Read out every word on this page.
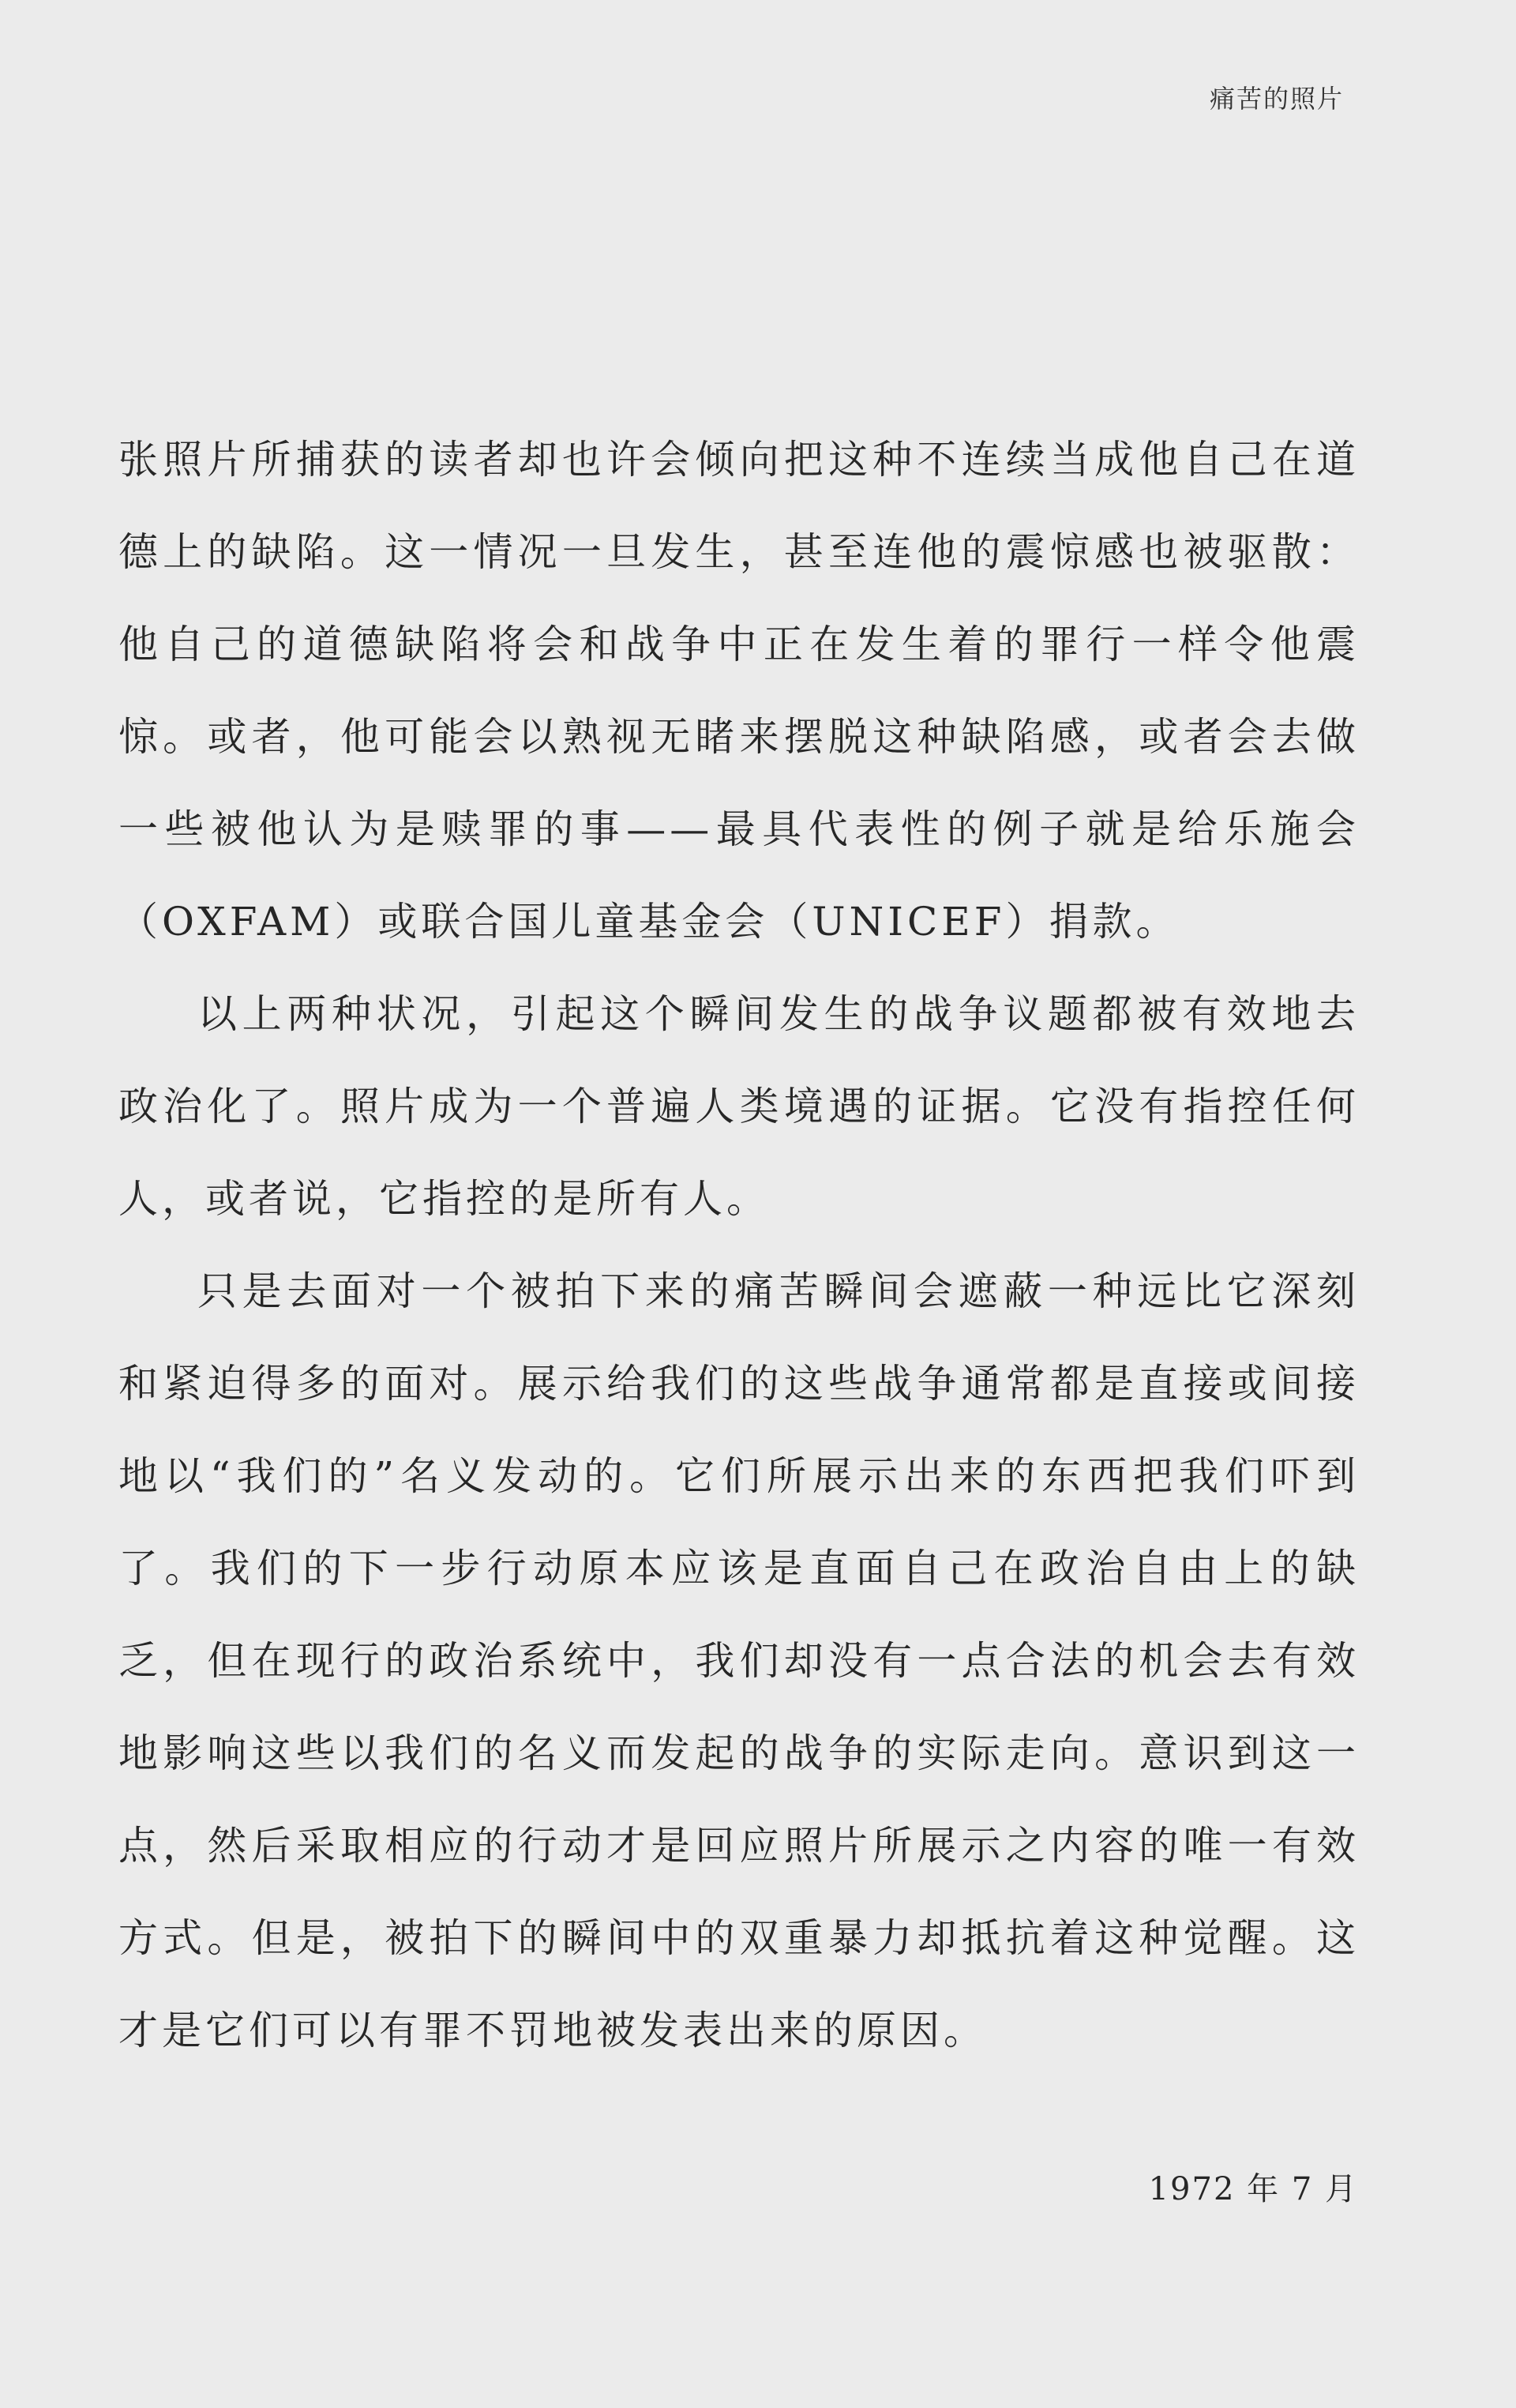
痛苦的照片

张照片所捕获的读者却也许会倾向把这种不连续当成他自己在道德上的缺陷。这一情况一旦发生，甚至连他的震惊感也被驱散：他自己的道德缺陷将会和战争中正在发生着的罪行一样令他震惊。或者，他可能会以熟视无睹来摆脱这种缺陷感，或者会去做一些被他认为是赎罪的事——最具代表性的例子就是给乐施会（OXFAM）或联合国儿童基金会（UNICEF）捐款。

以上两种状况，引起这个瞬间发生的战争议题都被有效地去政治化了。照片成为一个普遍人类境遇的证据。它没有指控任何人，或者说，它指控的是所有人。

只是去面对一个被拍下来的痛苦瞬间会遮蔽一种远比它深刻和紧迫得多的面对。展示给我们的这些战争通常都是直接或间接地以“我们的”名义发动的。它们所展示出来的东西把我们吓到了。我们的下一步行动原本应该是直面自己在政治自由上的缺乏，但在现行的政治系统中，我们却没有一点合法的机会去有效地影响这些以我们的名义而发起的战争的实际走向。意识到这一点，然后采取相应的行动才是回应照片所展示之内容的唯一有效方式。但是，被拍下的瞬间中的双重暴力却抵抗着这种觉醒。这才是它们可以有罪不罚地被发表出来的原因。

1972 年 7 月
